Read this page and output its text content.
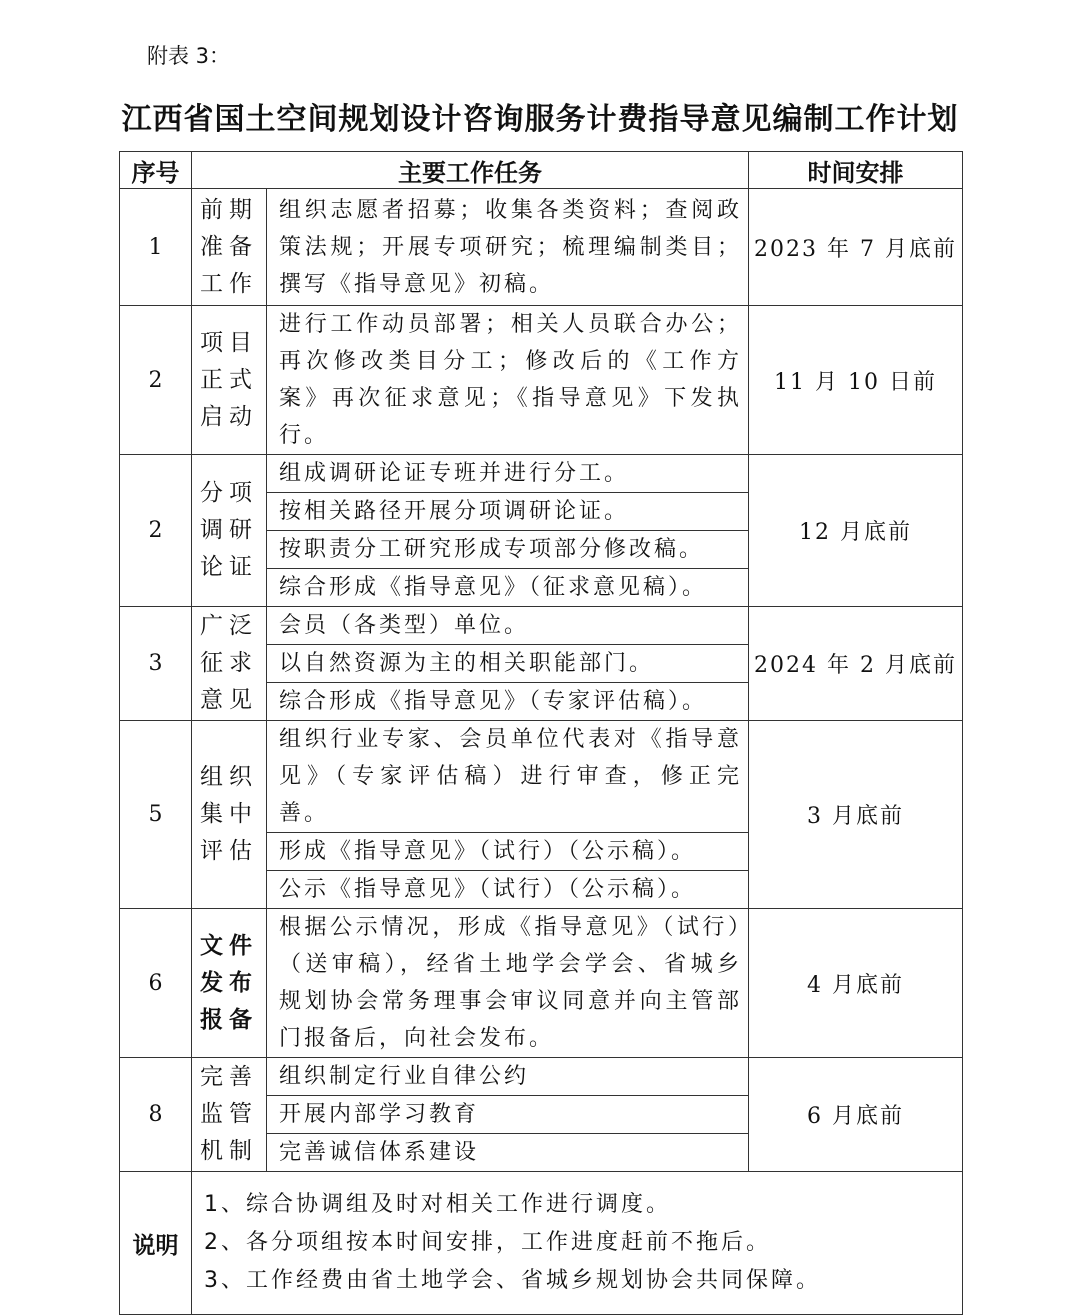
附表 3：
江西省国土空间规划设计咨询服务计费指导意见编制工作计划
序号	主要工作任务		时间安排
1	前期
准备
工作	组织志愿者招募；收集各类资料；查阅政策法规；开展专项研究；梳理编制类目；撰写《指导意见》初稿。	2023 年 7 月底前
2	项目
正式
启动	进行工作动员部署；相关人员联合办公；再次修改类目分工；修改后的《工作方案》再次征求意见；《指导意见》下发执行。	11 月 10 日前
2	分项
调研
论证	组成调研论证专班并进行分工。	12 月底前
		按相关路径开展分项调研论证。	
		按职责分工研究形成专项部分修改稿。	
		综合形成《指导意见》（征求意见稿）。	
3	广泛
征求
意见	会员（各类型）单位。	2024 年 2 月底前
		以自然资源为主的相关职能部门。	
		综合形成《指导意见》（专家评估稿）。	
5	组织
集中
评估	组织行业专家、会员单位代表对《指导意见》（专家评估稿）进行审查，修正完善。	3 月底前
		形成《指导意见》（试行）（公示稿）。	
		公示《指导意见》（试行）（公示稿）。	
6	文件
发布
报备	根据公示情况，形成《指导意见》（试行）（送审稿），经省土地学会学会、省城乡规划协会常务理事会审议同意并向主管部门报备后，向社会发布。	4 月底前
8	完善
监管
机制	组织制定行业自律公约	6 月底前
		开展内部学习教育	
		完善诚信体系建设	
说明	1、综合协调组及时对相关工作进行调度。
2、各分项组按本时间安排，工作进度赶前不拖后。
3、工作经费由省土地学会、省城乡规划协会共同保障。		
